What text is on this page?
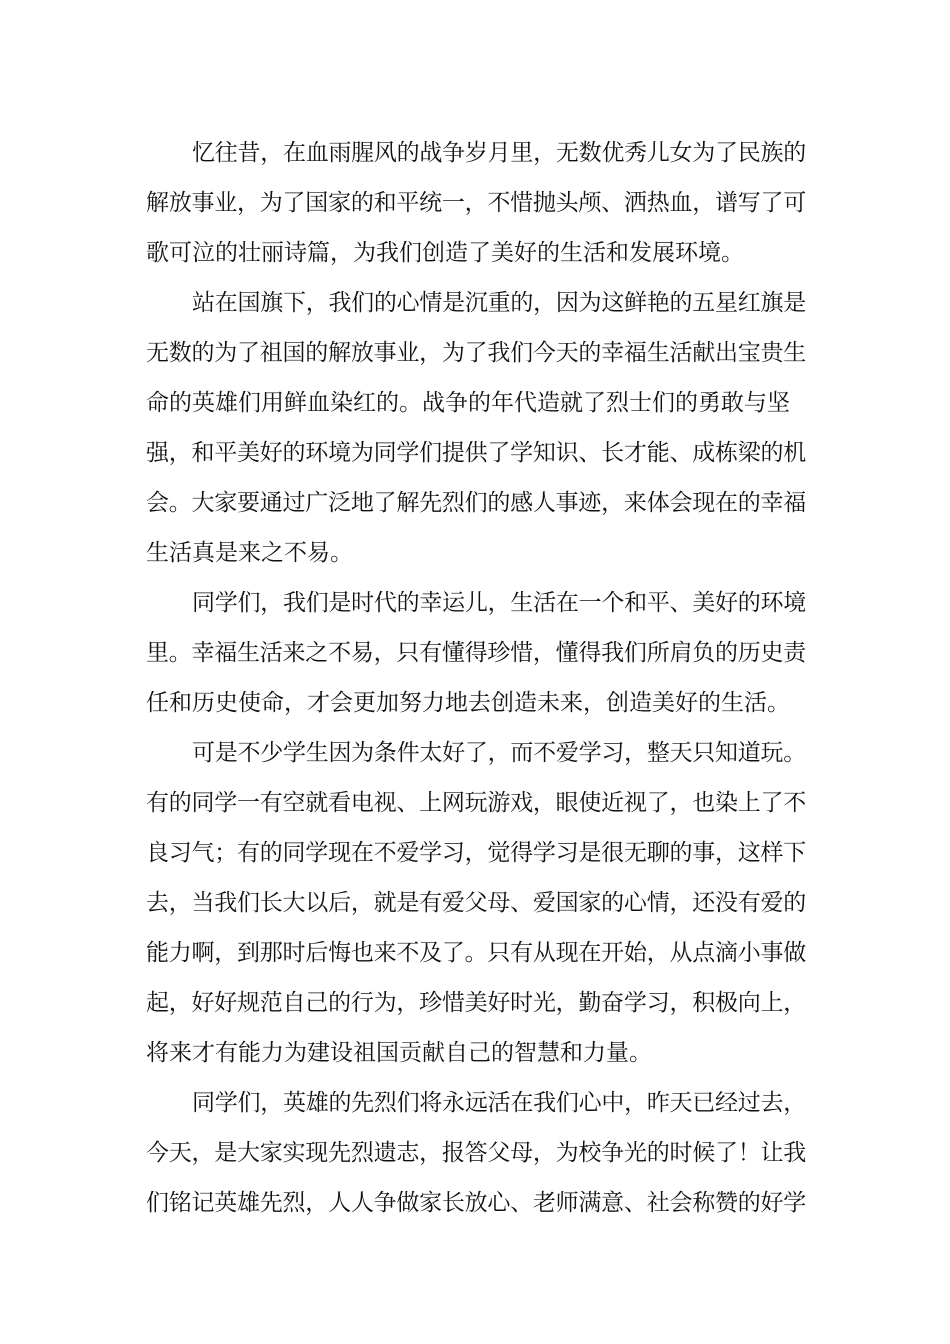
忆往昔，在血雨腥风的战争岁月里，无数优秀儿女为了民族的
解放事业，为了国家的和平统一，不惜抛头颅、洒热血，谱写了可
歌可泣的壮丽诗篇，为我们创造了美好的生活和发展环境。
站在国旗下，我们的心情是沉重的，因为这鲜艳的五星红旗是
无数的为了祖国的解放事业，为了我们今天的幸福生活献出宝贵生
命的英雄们用鲜血染红的。战争的年代造就了烈士们的勇敢与坚
强，和平美好的环境为同学们提供了学知识、长才能、成栋梁的机
会。大家要通过广泛地了解先烈们的感人事迹，来体会现在的幸福
生活真是来之不易。
同学们，我们是时代的幸运儿，生活在一个和平、美好的环境
里。幸福生活来之不易，只有懂得珍惜，懂得我们所肩负的历史责
任和历史使命，才会更加努力地去创造未来，创造美好的生活。
可是不少学生因为条件太好了，而不爱学习，整天只知道玩。
有的同学一有空就看电视、上网玩游戏，眼使近视了，也染上了不
良习气；有的同学现在不爱学习，觉得学习是很无聊的事，这样下
去，当我们长大以后，就是有爱父母、爱国家的心情，还没有爱的
能力啊，到那时后悔也来不及了。只有从现在开始，从点滴小事做
起，好好规范自己的行为，珍惜美好时光，勤奋学习，积极向上，
将来才有能力为建设祖国贡献自己的智慧和力量。
同学们，英雄的先烈们将永远活在我们心中，昨天已经过去，
今天，是大家实现先烈遗志，报答父母，为校争光的时候了！让我
们铭记英雄先烈，人人争做家长放心、老师满意、社会称赞的好学
